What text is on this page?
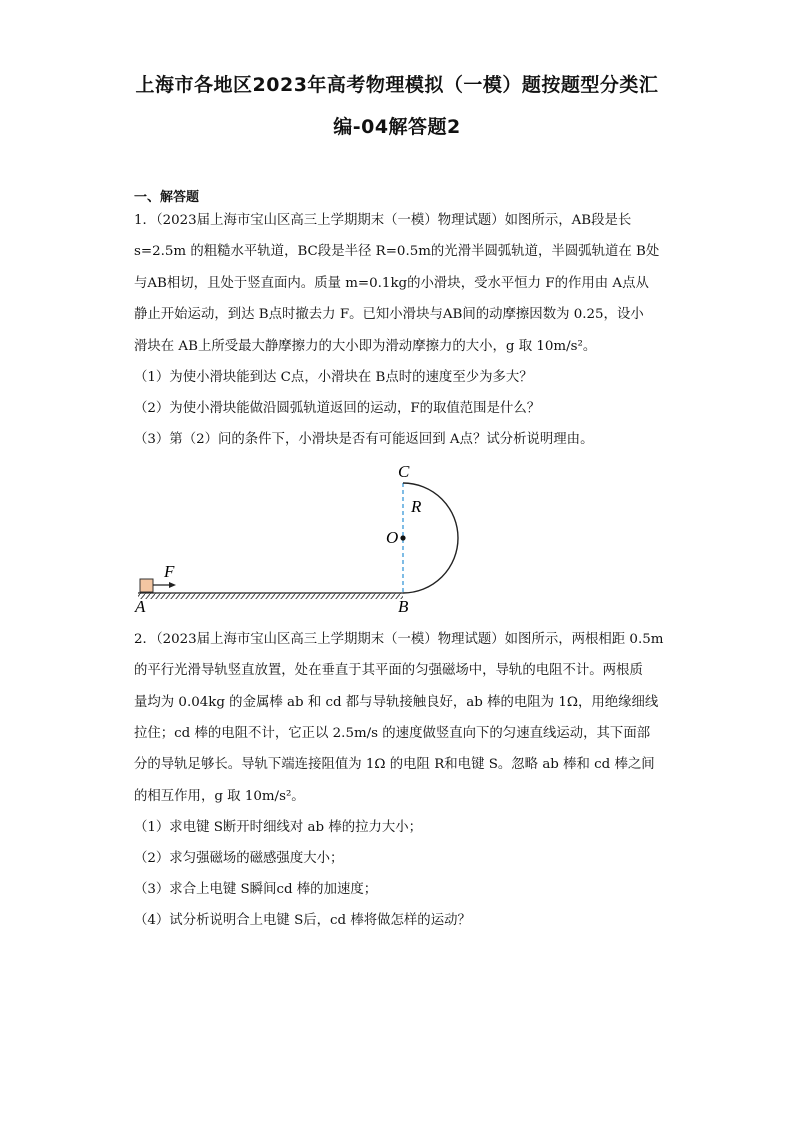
上海市各地区2023年高考物理模拟（一模）题按题型分类汇
编-04解答题2
一、解答题
1．（2023届上海市宝山区高三上学期期末（一模）物理试题）如图所示，AB段是长
s=2.5m 的粗糙水平轨道，BC段是半径 R=0.5m的光滑半圆弧轨道，半圆弧轨道在 B处
与AB相切，且处于竖直面内。质量 m=0.1kg的小滑块，受水平恒力 F的作用由 A点从
静止开始运动，到达 B点时撤去力 F。已知小滑块与AB间的动摩擦因数为 0.25，设小
滑块在 AB上所受最大静摩擦力的大小即为滑动摩擦力的大小，g 取 10m/s²。
（1）为使小滑块能到达 C点，小滑块在 B点时的速度至少为多大？
（2）为使小滑块能做沿圆弧轨道返回的运动，F的取值范围是什么？
（3）第（2）问的条件下，小滑块是否有可能返回到 A点？试分析说明理由。
C
R
O
F
A	B
2．（2023届上海市宝山区高三上学期期末（一模）物理试题）如图所示，两根相距 0.5m
的平行光滑导轨竖直放置，处在垂直于其平面的匀强磁场中，导轨的电阻不计。两根质
量均为 0.04kg 的金属棒 ab 和 cd 都与导轨接触良好，ab 棒的电阻为 1Ω，用绝缘细线
拉住；cd 棒的电阻不计，它正以 2.5m/s 的速度做竖直向下的匀速直线运动，其下面部
分的导轨足够长。导轨下端连接阻值为 1Ω 的电阻 R和电键 S。忽略 ab 棒和 cd 棒之间
的相互作用，g 取 10m/s²。
（1）求电键 S断开时细线对 ab 棒的拉力大小；
（2）求匀强磁场的磁感强度大小；
（3）求合上电键 S瞬间cd 棒的加速度；
（4）试分析说明合上电键 S后，cd 棒将做怎样的运动？
